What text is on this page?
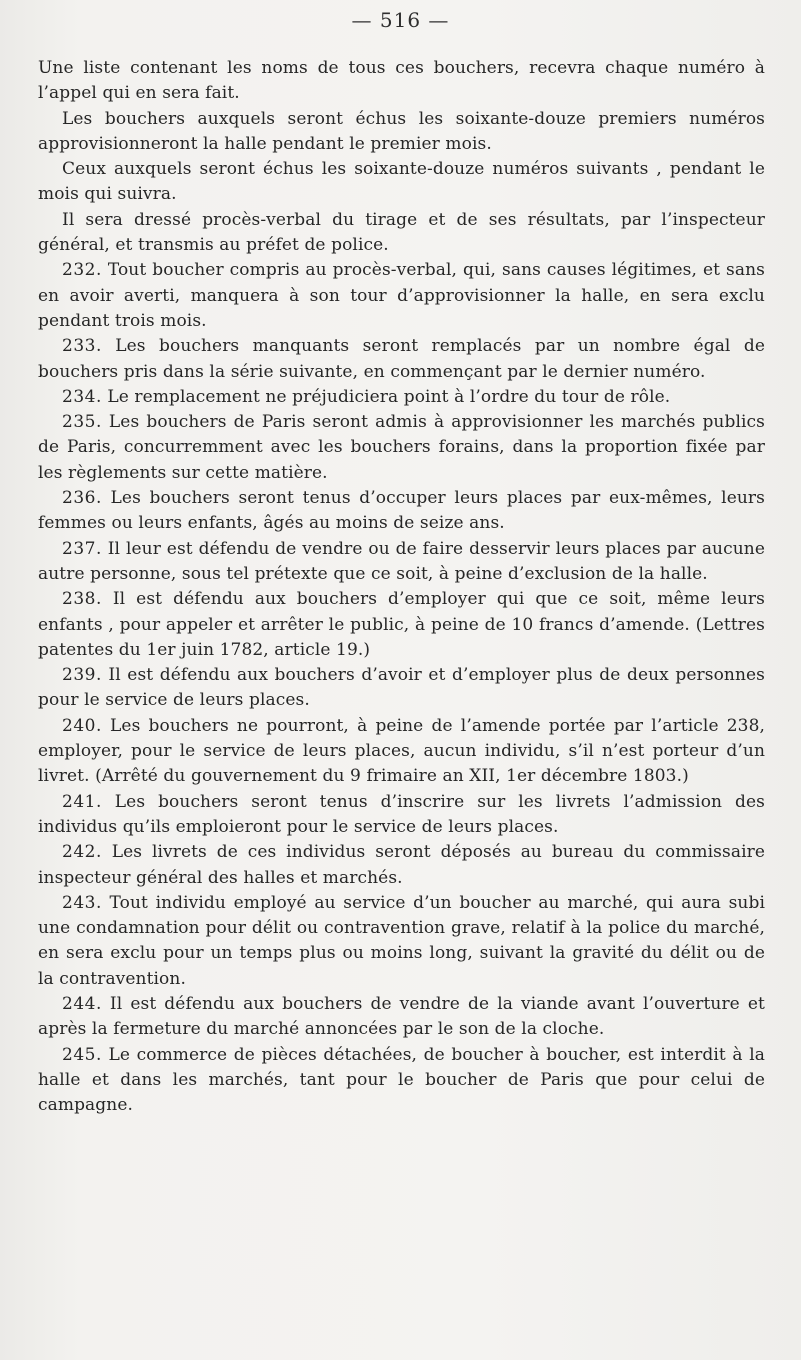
— 516 —

Une liste contenant les noms de tous ces bouchers, recevra chaque numéro à l’appel qui en sera fait.

Les bouchers auxquels seront échus les soixante-douze premiers numéros approvisionneront la halle pendant le premier mois.

Ceux auxquels seront échus les soixante-douze numéros suivants , pendant le mois qui suivra.

Il sera dressé procès-verbal du tirage et de ses résultats, par l’inspecteur général, et transmis au préfet de police.

232. Tout boucher compris au procès-verbal, qui, sans causes légitimes, et sans en avoir averti, manquera à son tour d’approvisionner la halle, en sera exclu pendant trois mois.

233. Les bouchers manquants seront remplacés par un nombre égal de bouchers pris dans la série suivante, en commençant par le dernier numéro.

234. Le remplacement ne préjudiciera point à l’ordre du tour de rôle.

235. Les bouchers de Paris seront admis à approvisionner les marchés publics de Paris, concurremment avec les bouchers forains, dans la proportion fixée par les règlements sur cette matière.

236. Les bouchers seront tenus d’occuper leurs places par eux-mêmes, leurs femmes ou leurs enfants, âgés au moins de seize ans.

237. Il leur est défendu de vendre ou de faire desservir leurs places par aucune autre personne, sous tel prétexte que ce soit, à peine d’exclusion de la halle.

238. Il est défendu aux bouchers d’employer qui que ce soit, même leurs enfants , pour appeler et arrêter le public, à peine de 10 francs d’amende. (Lettres patentes du 1er juin 1782, article 19.)

239. Il est défendu aux bouchers d’avoir et d’employer plus de deux personnes pour le service de leurs places.

240. Les bouchers ne pourront, à peine de l’amende portée par l’article 238, employer, pour le service de leurs places, aucun individu, s’il n’est porteur d’un livret. (Arrêté du gouvernement du 9 frimaire an XII, 1er décembre 1803.)

241. Les bouchers seront tenus d’inscrire sur les livrets l’admission des individus qu’ils emploieront pour le service de leurs places.

242. Les livrets de ces individus seront déposés au bureau du commissaire inspecteur général des halles et marchés.

243. Tout individu employé au service d’un boucher au marché, qui aura subi une condamnation pour délit ou contravention grave, relatif à la police du marché, en sera exclu pour un temps plus ou moins long, suivant la gravité du délit ou de la contravention.

244. Il est défendu aux bouchers de vendre de la viande avant l’ouverture et après la fermeture du marché annoncées par le son de la cloche.

245. Le commerce de pièces détachées, de boucher à boucher, est interdit à la halle et dans les marchés, tant pour le boucher de Paris que pour celui de campagne.
